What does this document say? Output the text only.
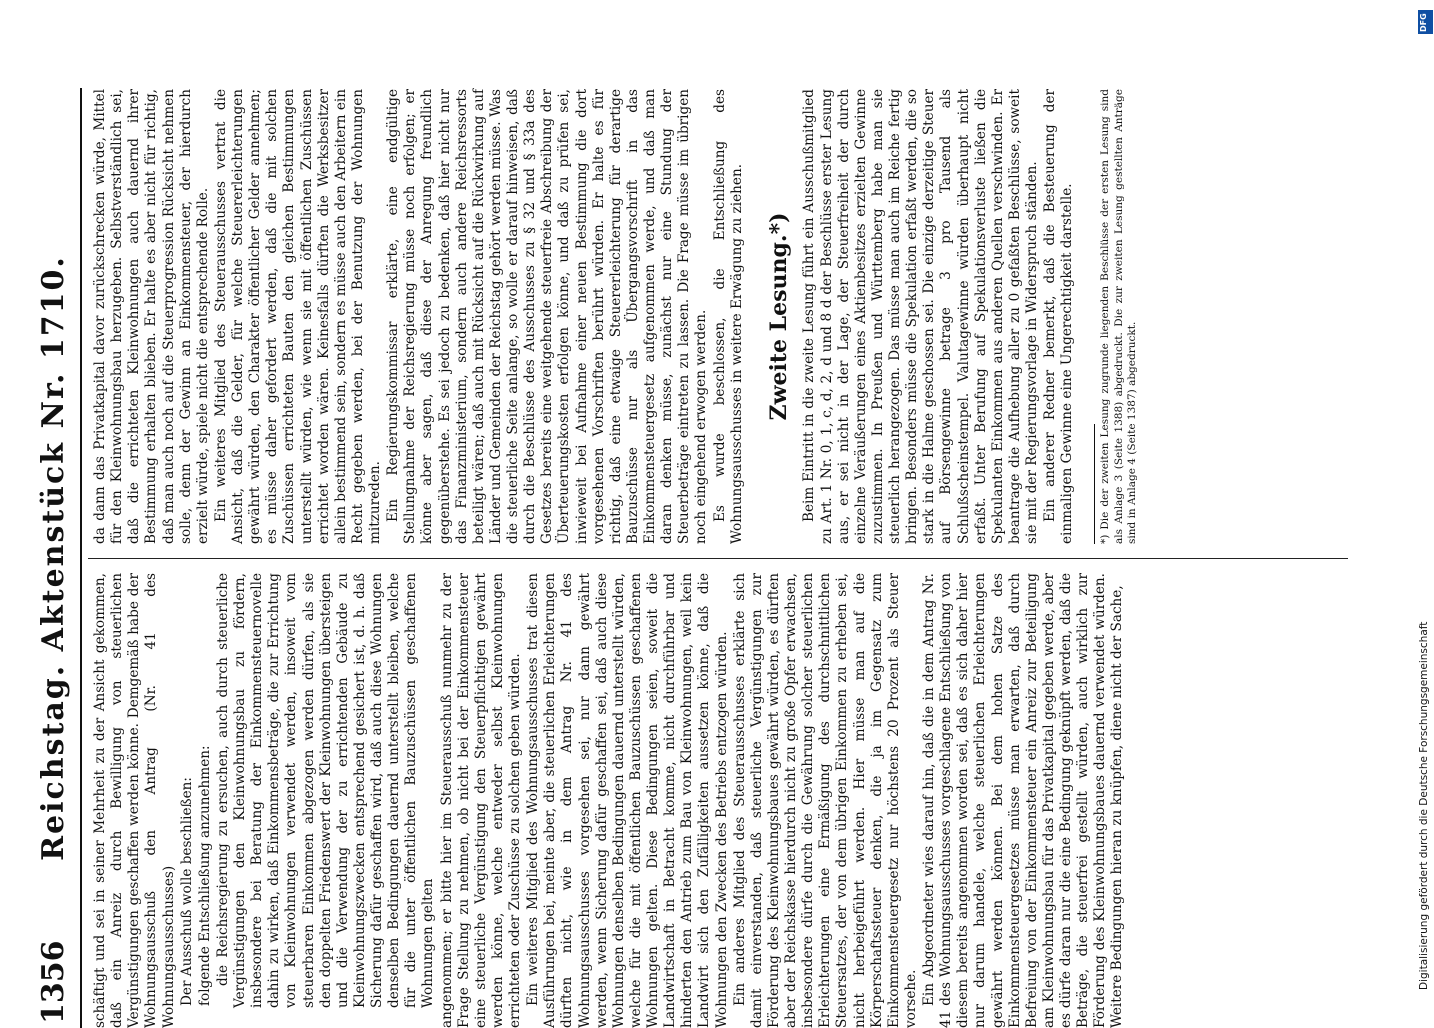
1356
Reichstag. Aktenstück Nr. 1710. schäftigt und sei in seiner Mehrheit zu der Ansicht gekommen, daß ein Anreiz durch Bewilligung von steuerlichen Vergünstigungen geschaffen werden könne. Demgemäß habe der Wohnungsausschuß den Antrag (Nr. 41 des Wohnungsausschusses) Der Ausschuß wolle beschließen: folgende Entschließung anzunehmen: die Reichsregierung zu ersuchen, auch durch steuerliche Vergünstigungen den Kleinwohnungsbau zu fördern, insbesondere bei Beratung der Einkommensteuernovelle dahin zu wirken, daß Einkommensbeträge, die zur Errichtung von Kleinwohnungen verwendet werden, insoweit vom steuerbaren Einkommen abgezogen werden dürfen, als sie den doppelten Friedenswert der Kleinwohnungen übersteigen und die Verwendung der zu errichtenden Gebäude zu Kleinwohnungszwecken entsprechend gesichert ist, d. h. daß Sicherung dafür geschaffen wird, daß auch diese Wohnungen denselben Bedingungen dauernd unterstellt bleiben, welche für die unter öffentlichen Bauzuschüssen geschaffenen Wohnungen gelten angenommen; er bitte hier im Steuerausschuß nunmehr zu der Frage Stellung zu nehmen, ob nicht bei der Einkommensteuer eine steuerliche Vergünstigung den Steuerpflichtigen gewährt werden könne, welche entweder selbst Kleinwohnungen errichteten oder Zuschüsse zu solchen geben würden. Ein weiteres Mitglied des Wohnungsausschusses trat diesen Ausführungen bei, meinte aber, die steuerlichen Erleichterungen dürften nicht, wie in dem Antrag Nr. 41 des Wohnungsausschusses vorgesehen sei, nur dann gewährt werden, wenn Sicherung dafür geschaffen sei, daß auch diese Wohnungen denselben Bedingungen dauernd unterstellt würden, welche für die mit öffentlichen Bauzuschüssen geschaffenen Wohnungen gelten. Diese Bedingungen seien, soweit die Landwirtschaft in Betracht komme, nicht durchführbar und hinderten den Antrieb zum Bau von Kleinwohnungen, weil kein Landwirt sich den Zufälligkeiten aussetzen könne, daß die Wohnungen den Zwecken des Betriebs entzogen würden. Ein anderes Mitglied des Steuerausschusses erklärte sich damit einverstanden, daß steuerliche Vergünstigungen zur Förderung des Kleinwohnungsbaues gewährt würden, es dürften aber der Reichskasse hierdurch nicht zu große Opfer erwachsen, insbesondere dürfe durch die Gewährung solcher steuerlichen Erleichterungen eine Ermäßigung des durchschnittlichen Steuersatzes, der von dem übrigen Einkommen zu erheben sei, nicht herbeigeführt werden. Hier müsse man auf die Körperschaftssteuer denken, die ja im Gegensatz zum Einkommensteuergesetz nur höchstens 20 Prozent als Steuer vorsehe. Ein Abgeordneter wies darauf hin, daß die in dem Antrag Nr. 41 des Wohnungsausschusses vorgeschlagene Entschließung von diesem bereits angenommen worden sei, daß es sich daher hier nur darum handele, welche steuerlichen Erleichterungen gewährt werden können. Bei dem hohen Satze des Einkommensteuergesetzes müsse man erwarten, daß durch Befreiung von der Einkommensteuer ein Anreiz zur Beteiligung am Kleinwohnungsbau für das Privatkapital gegeben werde, aber es dürfe daran nur die eine Bedingung geknüpft werden, daß die Beträge, die steuerfrei gestellt würden, auch wirklich zur Förderung des Kleinwohnungsbaues dauernd verwendet würden. Weitere Bedingungen hieran zu knüpfen, diene nicht der Sache,

da dann das Privatkapital davor zurückschrecken würde, Mittel für den Kleinwohnungsbau herzugeben. Selbstverständlich sei, daß die errichteten Kleinwohnungen auch dauernd ihrer Bestimmung erhalten blieben. Er halte es aber nicht für richtig, daß man auch noch auf die Steuerprogression Rücksicht nehmen solle, denn der Gewinn an Einkommensteuer, der hierdurch erzielt würde, spiele nicht die entsprechende Rolle. Ein weiteres Mitglied des Steuerausschusses vertrat die Ansicht, daß die Gelder, für welche Steuererleichterungen gewährt würden, den Charakter öffentlicher Gelder annehmen; es müsse daher gefordert werden, daß die mit solchen Zuschüssen errichteten Bauten den gleichen Bestimmungen unterstellt würden, wie wenn sie mit öffentlichen Zuschüssen errichtet worden wären. Keinesfalls dürften die Werksbesitzer allein bestimmend sein, sondern es müsse auch den Arbeitern ein Recht gegeben werden, bei der Benutzung der Wohnungen mitzureden. Ein Regierungskommissar erklärte, eine endgültige Stellungnahme der Reichsregierung müsse noch erfolgen; er könne aber sagen, daß diese der Anregung freundlich gegenüberstehe. Es sei jedoch zu bedenken, daß hier nicht nur das Finanzministerium, sondern auch andere Reichsressorts beteiligt wären; daß auch mit Rücksicht auf die Rückwirkung auf Länder und Gemeinden der Reichstag gehört werden müsse. Was die steuerliche Seite anlange, so wolle er darauf hinweisen, daß durch die Beschlüsse des Ausschusses zu § 32 und § 33a des Gesetzes bereits eine weitgehende steuerfreie Abschreibung der Überteuerungskosten erfolgen könne, und daß zu prüfen sei, inwieweit bei Aufnahme einer neuen Bestimmung die dort vorgesehenen Vorschriften berührt würden. Er halte es für richtig, daß eine etwaige Steuererleichterung für derartige Bauzuschüsse nur als Übergangsvorschrift in das Einkommensteuergesetz aufgenommen werde, und daß man daran denken müsse, zunächst nur eine Stundung der Steuerbeträge eintreten zu lassen. Die Frage müsse im übrigen noch eingehend erwogen werden. Es wurde beschlossen, die Entschließung des Wohnungsausschusses in weitere Erwägung zu ziehen. Zweite Lesung.*) Beim Eintritt in die zweite Lesung führt ein Ausschußmitglied zu Art. 1 Nr. 0, 1, c, d, 2, d und 8 d der Beschlüsse erster Lesung aus, er sei nicht in der Lage, der Steuerfreiheit der durch einzelne Veräußerungen eines Aktienbesitzes erzielten Gewinne zuzustimmen. In Preußen und Württemberg habe man sie steuerlich herangezogen. Das müsse man auch im Reiche fertig bringen. Besonders müsse die Spekulation erfaßt werden, die so stark in die Halme geschossen sei. Die einzige derzeitige Steuer auf Börsengewinne betrage 3 pro Tausend als Schlußscheinstempel. Valutagewinne würden überhaupt nicht erfaßt. Unter Berufung auf Spekulationsverluste ließen die Spekulanten Einkommen aus anderen Quellen verschwinden. Er beantrage die Aufhebung aller zu 0 gefaßten Beschlüsse, soweit sie mit der Regierungsvorlage in Widerspruch ständen. Ein anderer Redner bemerkt, daß die Besteuerung der einmaligen Gewinne eine Ungerechtigkeit darstelle. *) Die der zweiten Lesung zugrunde liegenden Beschlüsse der ersten Lesung sind als Anlage 3 (Seite 1388) abgedruckt. Die zur zweiten Lesung gestellten Anträge sind in Anlage 4 (Seite 1387) abgedruckt.
DFG
Digitalisierung gefördert durch die Deutsche Forschungsgemeinschaft
